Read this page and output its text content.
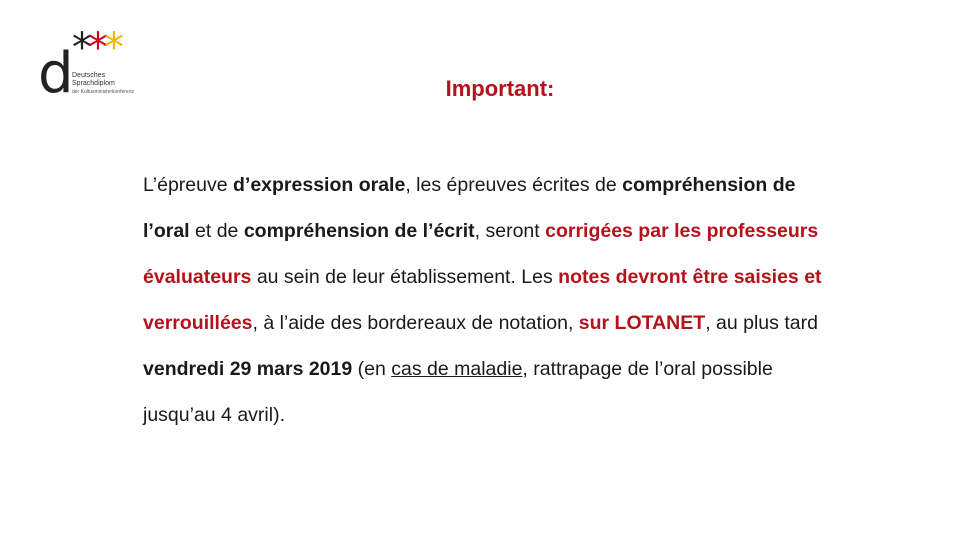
d
***
Deutsches
Sprachdiplom
der Kultusministerkonferenz	Important:
L’épreuve d’expression orale, les épreuves écrites de compréhension de l’oral et de compréhension de l’écrit, seront corrigées par les professeurs évaluateurs au sein de leur établissement. Les notes devront être saisies et verrouillées, à l’aide des bordereaux de notation, sur LOTANET, au plus tard vendredi 29 mars 2019 (en cas de maladie, rattrapage de l’oral possible jusqu’au 4 avril).
